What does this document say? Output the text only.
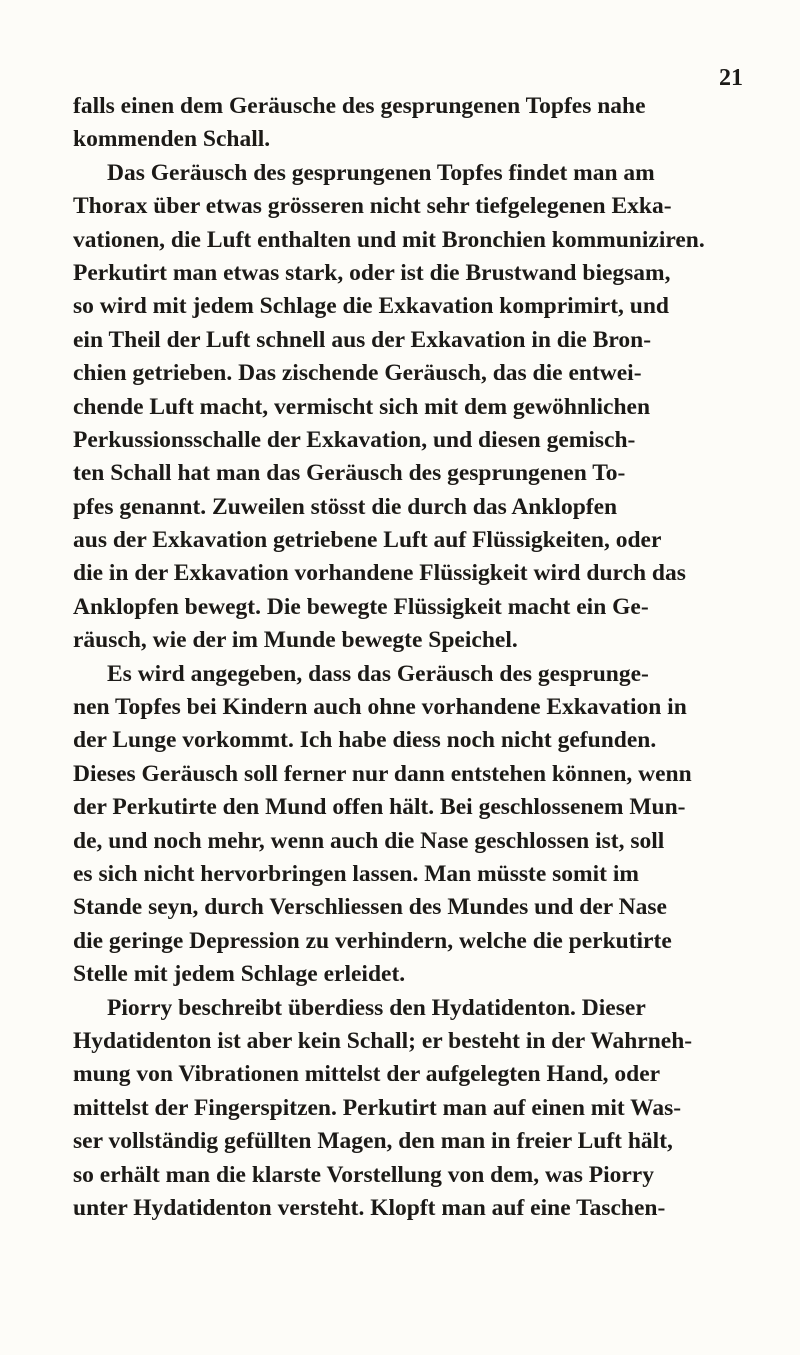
21
falls einen dem Geräusche des gesprungenen Topfes nahe
kommenden Schall.
Das Geräusch des gesprungenen Topfes findet man am
Thorax über etwas grösseren nicht sehr tiefgelegenen Exka-
vationen, die Luft enthalten und mit Bronchien kommuniziren.
Perkutirt man etwas stark, oder ist die Brustwand biegsam,
so wird mit jedem Schlage die Exkavation komprimirt, und
ein Theil der Luft schnell aus der Exkavation in die Bron-
chien getrieben. Das zischende Geräusch, das die entwei-
chende Luft macht, vermischt sich mit dem gewöhnlichen
Perkussionsschalle der Exkavation, und diesen gemisch-
ten Schall hat man das Geräusch des gesprungenen To-
pfes genannt. Zuweilen stösst die durch das Anklopfen
aus der Exkavation getriebene Luft auf Flüssigkeiten, oder
die in der Exkavation vorhandene Flüssigkeit wird durch das
Anklopfen bewegt. Die bewegte Flüssigkeit macht ein Ge-
räusch, wie der im Munde bewegte Speichel.
Es wird angegeben, dass das Geräusch des gesprunge-
nen Topfes bei Kindern auch ohne vorhandene Exkavation in
der Lunge vorkommt. Ich habe diess noch nicht gefunden.
Dieses Geräusch soll ferner nur dann entstehen können, wenn
der Perkutirte den Mund offen hält. Bei geschlossenem Mun-
de, und noch mehr, wenn auch die Nase geschlossen ist, soll
es sich nicht hervorbringen lassen. Man müsste somit im
Stande seyn, durch Verschliessen des Mundes und der Nase
die geringe Depression zu verhindern, welche die perkutirte
Stelle mit jedem Schlage erleidet.
Piorry beschreibt überdiess den Hydatidenton. Dieser
Hydatidenton ist aber kein Schall; er besteht in der Wahrneh-
mung von Vibrationen mittelst der aufgelegten Hand, oder
mittelst der Fingerspitzen. Perkutirt man auf einen mit Was-
ser vollständig gefüllten Magen, den man in freier Luft hält,
so erhält man die klarste Vorstellung von dem, was Piorry
unter Hydatidenton versteht. Klopft man auf eine Taschen-
